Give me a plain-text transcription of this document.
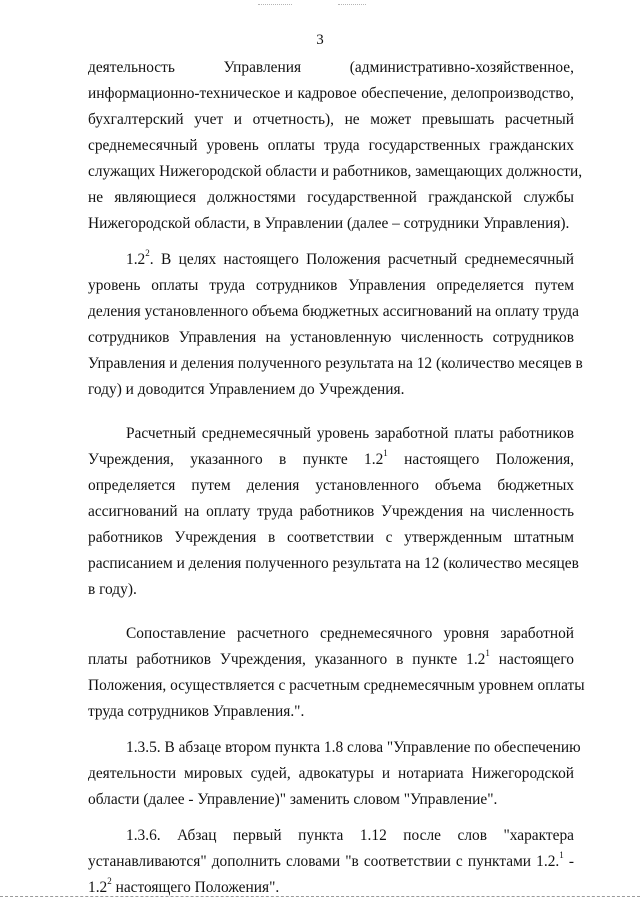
3
деятельность Управления (административно-хозяйственное,
информационно-техническое и кадровое обеспечение, делопроизводство,
бухгалтерский учет и отчетность), не может превышать расчетный
среднемесячный уровень оплаты труда государственных гражданских
служащих Нижегородской области и работников, замещающих должности,
не являющиеся должностями государственной гражданской службы
Нижегородской области, в Управлении (далее – сотрудники Управления).
$1.2^2$. В целях настоящего Положения расчетный среднемесячный
уровень оплаты труда сотрудников Управления определяется путем
деления установленного объема бюджетных ассигнований на оплату труда
сотрудников Управления на установленную численность сотрудников
Управления и деления полученного результата на 12 (количество месяцев в
году) и доводится Управлением до Учреждения.
Расчетный среднемесячный уровень заработной платы работников
Учреждения, указанного в пункте $1.2^1$ настоящего Положения,
определяется путем деления установленного объема бюджетных
ассигнований на оплату труда работников Учреждения на численность
работников Учреждения в соответствии с утвержденным штатным
расписанием и деления полученного результата на 12 (количество месяцев
в году).
Сопоставление расчетного среднемесячного уровня заработной
платы работников Учреждения, указанного в пункте $1.2^1$ настоящего
Положения, осуществляется с расчетным среднемесячным уровнем оплаты
труда сотрудников Управления.".
1.3.5. В абзаце втором пункта 1.8 слова "Управление по обеспечению
деятельности мировых судей, адвокатуры и нотариата Нижегородской
области (далее - Управление)" заменить словом "Управление".
1.3.6. Абзац первый пункта 1.12 после слов "характера
устанавливаются" дополнить словами "в соответствии с пунктами 1.2.$^1$ -
$1.2^2$ настоящего Положения".
